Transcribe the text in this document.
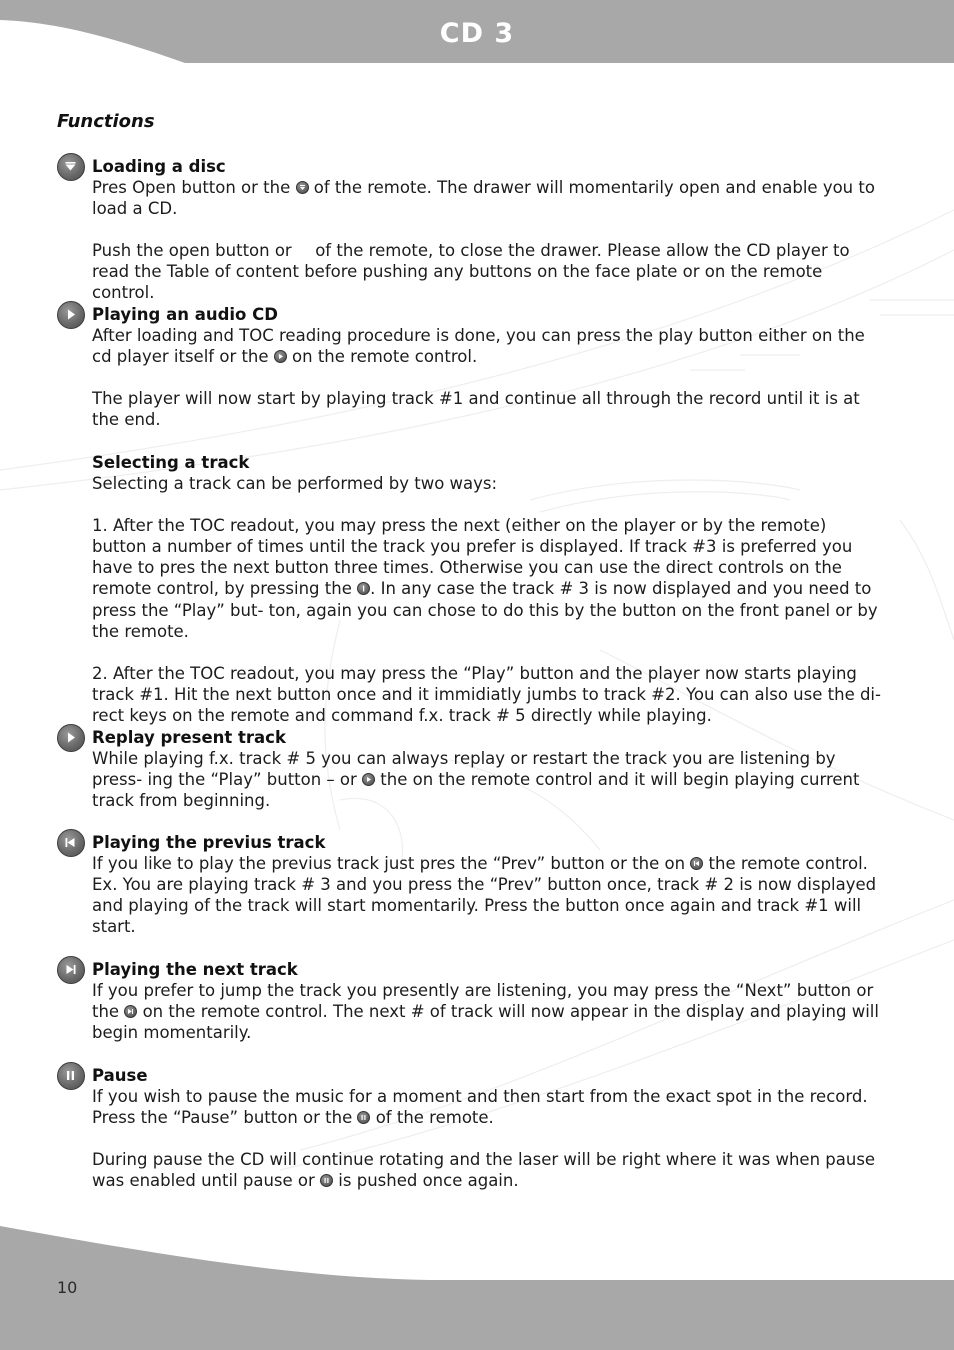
CD 3
Functions
Loading a disc

Pres Open button or the
of the remote. The drawer will momentarily open and enable you to load a CD.

Push the open button or  of the remote, to close the drawer. Please allow the CD player to read the Table of content before pushing any buttons on the face plate or on the remote control.

Playing an audio CD

After loading and TOC reading procedure is done, you can press the play button either on the cd player itself or the
on the remote control.

The player will now start by playing track #1 and continue all through the record until it is at the end.

Selecting a track

Selecting a track can be performed by two ways:

1. After the TOC readout, you may press the next (either on the player or by the remote) button a number of times until the track you prefer is displayed. If track #3 is preferred you have to pres the next button three times. Otherwise you can use the direct controls on the remote control, by pressing the
. In any case the track # 3 is now displayed and you need to press the “Play” but- ton, again you can chose to do this by the button on the front panel or by the remote.

2. After the TOC readout, you may press the “Play” button and the player now starts playing track #1. Hit the next button once and it immidiatly jumbs to track #2. You can also use the di- rect keys on the remote and command f.x. track # 5 directly while playing.

Replay present track

While playing f.x. track # 5 you can always replay or restart the track you are listening by press- ing the “Play” button – or
the on the remote control and it will begin playing current track from beginning.

Playing the previus track

If you like to play the previus track just pres the “Prev” button or the on
the remote control. Ex. You are playing track # 3 and you press the “Prev” button once, track # 2 is now displayed and playing of the track will start momentarily. Press the button once again and track #1 will start.

Playing the next track

If you prefer to jump the track you presently are listening, you may press the “Next” button or the
on the remote control. The next # of track will now appear in the display and playing will begin momentarily.

Pause

If you wish to pause the music for a moment and then start from the exact spot in the record. Press the “Pause” button or the
of the remote.

During pause the CD will continue rotating and the laser will be right where it was when pause was enabled until pause or
is pushed once again.

10
